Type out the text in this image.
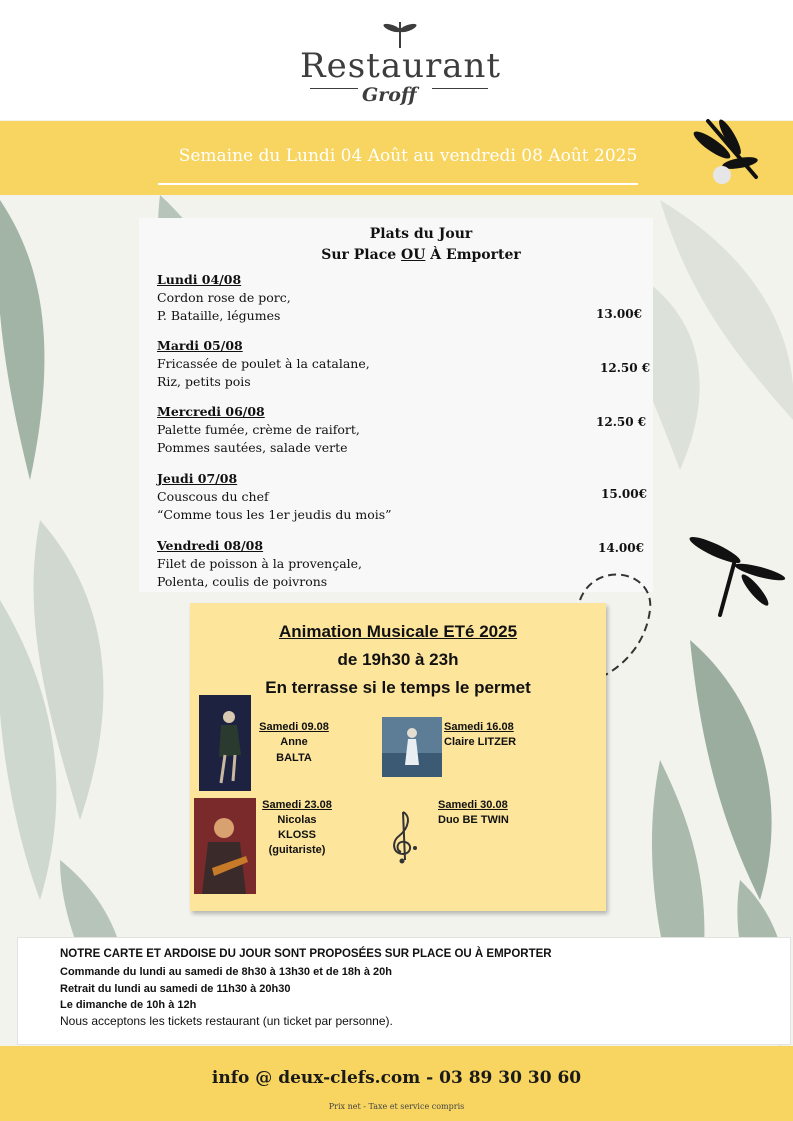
Restaurant
Groff
Semaine du Lundi 04 Août au vendredi 08 Août 2025
Plats du Jour
Sur Place OU À Emporter
Lundi 04/08
Cordon rose de porc,
P. Bataille, légumes	13.00€
Mardi 05/08
Fricassée de poulet à la catalane,
Riz, petits pois
12.50 €
Mercredi 06/08
Palette fumée, crème de raifort,
Pommes sautées, salade verte
12.50 €
Jeudi 07/08
Couscous du chef
“Comme tous les 1er jeudis du mois”
15.00€
Vendredi 08/08
Filet de poisson à la provençale,
Polenta, coulis de poivrons
14.00€
Animation Musicale ETé 2025
de 19h30 à 23h
En terrasse si le temps le permet
Samedi 09.08
Anne
BALTA
Samedi 16.08
Claire LITZER
Samedi 23.08
Nicolas KLOSS
(guitariste)
Samedi 30.08
Duo BE TWIN
NOTRE CARTE ET ARDOISE DU JOUR SONT PROPOSÉES SUR PLACE OU À EMPORTER
Commande du lundi au samedi de 8h30 à 13h30 et de 18h à 20h
Retrait du lundi au samedi de 11h30 à 20h30
Le dimanche de 10h à 12h
Nous acceptons les tickets restaurant (un ticket par personne).
info @ deux-clefs.com - 03 89 30 30 60
Prix net - Taxe et service compris
